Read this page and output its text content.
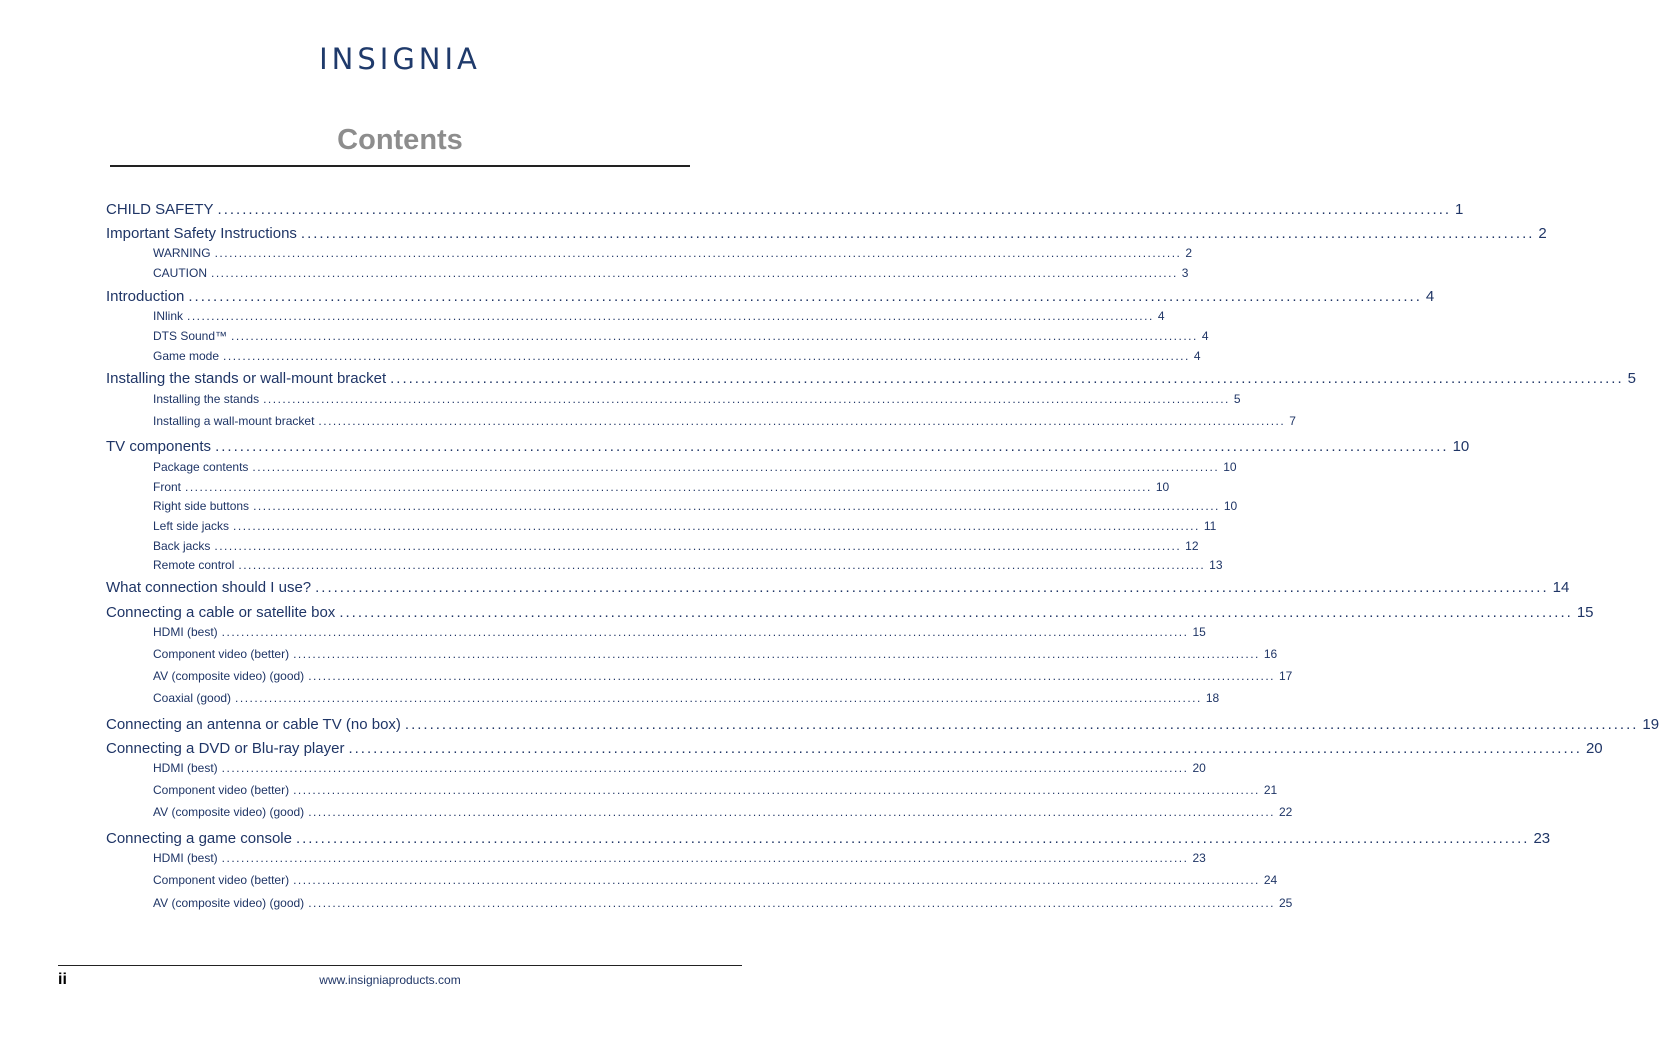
INSIGNIA
Contents
CHILD SAFETY ........................................................................................................................................................................................................ 1
Important Safety Instructions ........................................................................................................................................................................................................ 2
WARNING ........................................................................................................................................................................................................ 2
CAUTION ........................................................................................................................................................................................................ 3
Introduction ........................................................................................................................................................................................................ 4
INlink ........................................................................................................................................................................................................ 4
DTS Sound™ ........................................................................................................................................................................................................ 4
Game mode ........................................................................................................................................................................................................ 4
Installing the stands or wall-mount bracket ........................................................................................................................................................................................................ 5
Installing the stands ........................................................................................................................................................................................................ 5
Installing a wall-mount bracket ........................................................................................................................................................................................................ 7
TV components ........................................................................................................................................................................................................ 10
Package contents ........................................................................................................................................................................................................ 10
Front ........................................................................................................................................................................................................ 10
Right side buttons ........................................................................................................................................................................................................ 10
Left side jacks ........................................................................................................................................................................................................ 11
Back jacks ........................................................................................................................................................................................................ 12
Remote control ........................................................................................................................................................................................................ 13
What connection should I use? ........................................................................................................................................................................................................ 14
Connecting a cable or satellite box ........................................................................................................................................................................................................ 15
HDMI (best) ........................................................................................................................................................................................................ 15
Component video (better) ........................................................................................................................................................................................................ 16
AV (composite video) (good) ........................................................................................................................................................................................................ 17
Coaxial (good) ........................................................................................................................................................................................................ 18
Connecting an antenna or cable TV (no box) ........................................................................................................................................................................................................ 19
Connecting a DVD or Blu-ray player ........................................................................................................................................................................................................ 20
HDMI (best) ........................................................................................................................................................................................................ 20
Component video (better) ........................................................................................................................................................................................................ 21
AV (composite video) (good) ........................................................................................................................................................................................................ 22
Connecting a game console ........................................................................................................................................................................................................ 23
HDMI (best) ........................................................................................................................................................................................................ 23
Component video (better) ........................................................................................................................................................................................................ 24
AV (composite video) (good) ........................................................................................................................................................................................................ 25
ii	www.insigniaproducts.com
